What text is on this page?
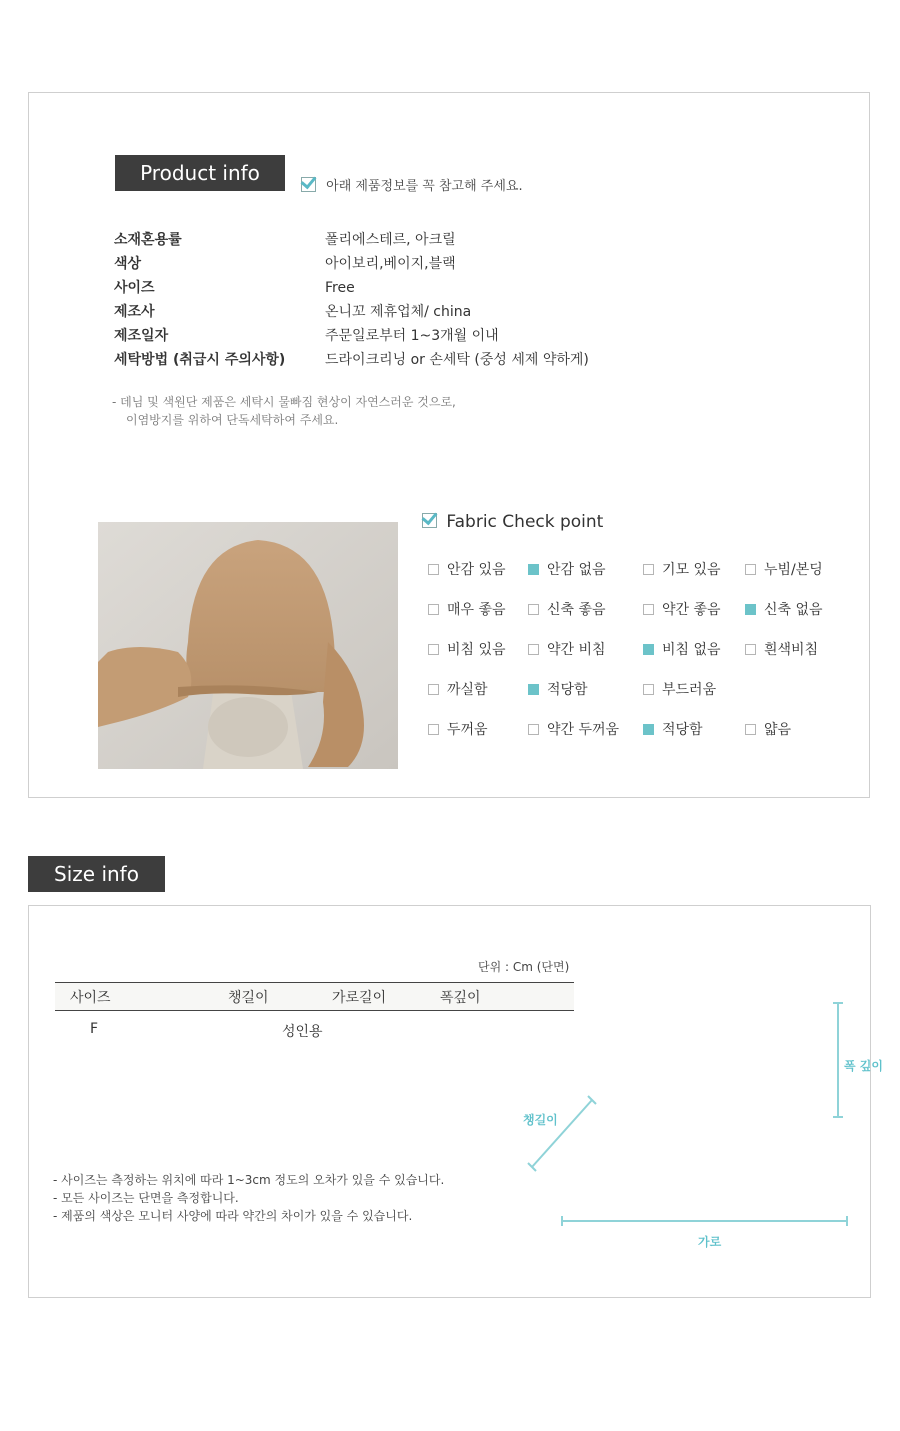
Product info
아래 제품정보를 꼭 참고해 주세요.
소재혼용률	폴리에스테르, 아크릴
색상	아이보리,베이지,블랙
사이즈	Free
제조사	온니꼬 제휴업체/ china
제조일자	주문일로부터 1~3개월 이내
세탁방법 (취급시 주의사항)	드라이크리닝 or 손세탁 (중성 세제 약하게)
- 데님 및 색원단 제품은 세탁시 물빠짐 현상이 자연스러운 것으로,
이염방지를 위하여 단독세탁하여 주세요.
Fabric Check point
안감 있음	안감 없음	기모 있음	누빔/본딩
매우 좋음	신축 좋음	약간 좋음	신축 없음
비침 있음	약간 비침	비침 없음	흰색비침
까실함	적당함	부드러움
두꺼움	약간 두꺼움	적당함	얇음
Size info
단위 : Cm (단면)
사이즈	챙길이	가로길이	폭깊이
F	성인용
- 사이즈는 측정하는 위치에 따라 1~3cm 정도의 오차가 있을 수 있습니다.
- 모든 사이즈는 단면을 측정합니다.
- 제품의 색상은 모니터 사양에 따라 약간의 차이가 있을 수 있습니다.
폭 깊이
챙길이
가로
